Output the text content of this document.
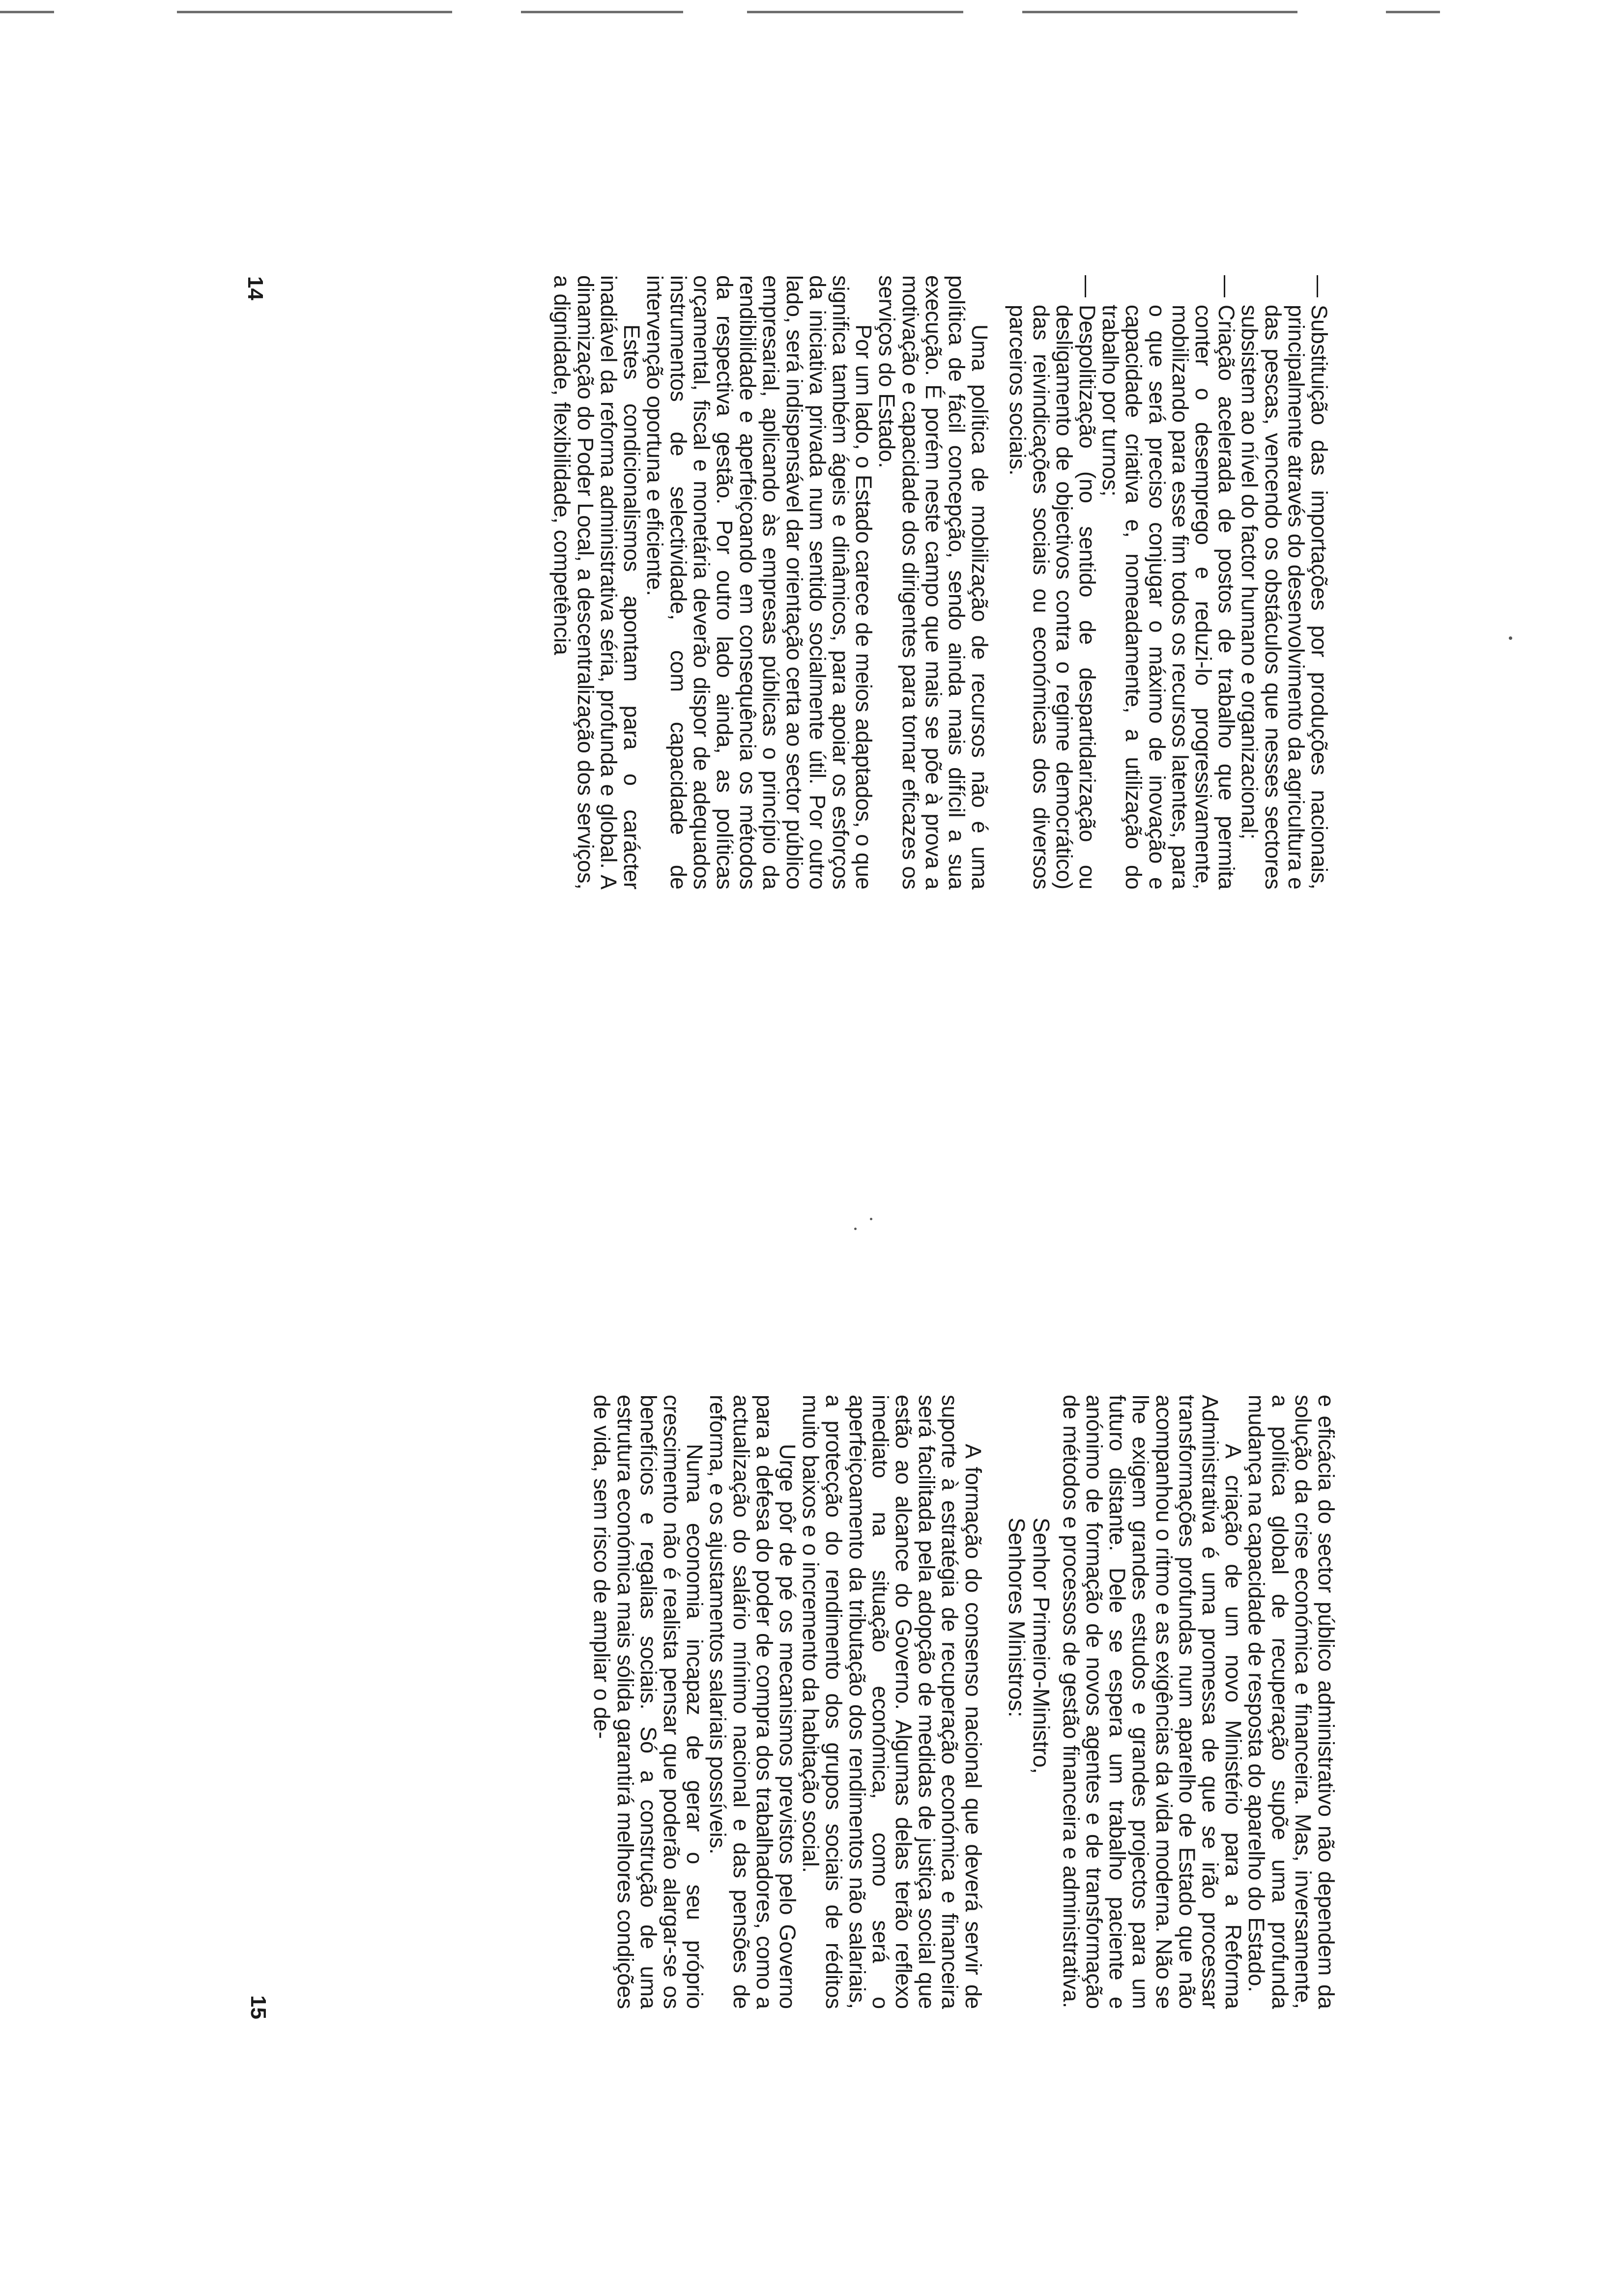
— Substituição das importações por produções nacionais, principalmente através do desenvolvimento da agricultura e das pescas, vencendo os obstáculos que nesses sectores subsistem ao nível do factor humano e organizacional;
— Criação acelerada de postos de trabalho que permita conter o desemprego e reduzi-lo progressivamente, mobilizando para esse fim todos os recursos latentes, para o que será preciso conjugar o máximo de inovação e capacidade criativa e, nomeadamente, a utilização do trabalho por turnos;
— Despolitização (no sentido de despartidarização ou desligamento de objectivos contra o regime democrático) das reivindicações sociais ou económicas dos diversos parceiros sociais.

Uma política de mobilização de recursos não é uma política de fácil concepção, sendo ainda mais difícil a sua execução. É porém neste campo que mais se põe à prova a motivação e capacidade dos dirigentes para tornar eficazes os serviços do Estado.

Por um lado, o Estado carece de meios adaptados, o que significa também ágeis e dinâmicos, para apoiar os esforços da iniciativa privada num sentido socialmente útil. Por outro lado, será indispensável dar orientação certa ao sector público empresarial, aplicando às empresas públicas o princípio da rendibilidade e aperfeiçoando em consequência os métodos da respectiva gestão. Por outro lado ainda, as políticas orçamental, fiscal e monetária deverão dispor de adequados instrumentos de selectividade, com capacidade de intervenção oportuna e eficiente.

Estes condicionalismos apontam para o carácter inadiável da reforma administrativa séria, profunda e global. A dinamização do Poder Local, a descentralização dos serviços, a dignidade, flexibilidade, competência

14

e eficácia do sector público administrativo não dependem da solução da crise económica e financeira. Mas, inversamente, a política global de recuperação supõe uma profunda mudança na capacidade de resposta do aparelho do Estado.

A criação de um novo Ministério para a Reforma Administrativa é uma promessa de que se irão processar transformações profundas num aparelho de Estado que não acompanhou o ritmo e as exigências da vida moderna. Não se lhe exigem grandes estudos e grandes projectos para um futuro distante. Dele se espera um trabalho paciente e anónimo de formação de novos agentes e de transformação de métodos e processos de gestão financeira e administrativa.

Senhor Primeiro-Ministro,
Senhores Ministros:

A formação do consenso nacional que deverá servir de suporte à estratégia de recuperação económica e financeira será facilitada pela adopção de medidas de justiça social que estão ao alcance do Governo. Algumas delas terão reflexo imediato na situação económica, como será o aperfeiçoamento da tributação dos rendimentos não salariais, a protecção do rendimento dos grupos sociais de réditos muito baixos e o incremento da habitação social.

Urge pôr de pé os mecanismos previstos pelo Governo para a defesa do poder de compra dos trabalhadores, como a actualização do salário mínimo nacional e das pensões de reforma, e os ajustamentos salariais possíveis.

Numa economia incapaz de gerar o seu próprio crescimento não é realista pensar que poderão alargar-se os benefícios e regalias sociais. Só a construção de uma estrutura económica mais sólida garantirá melhores condições de vida, sem risco de ampliar o de-

15
